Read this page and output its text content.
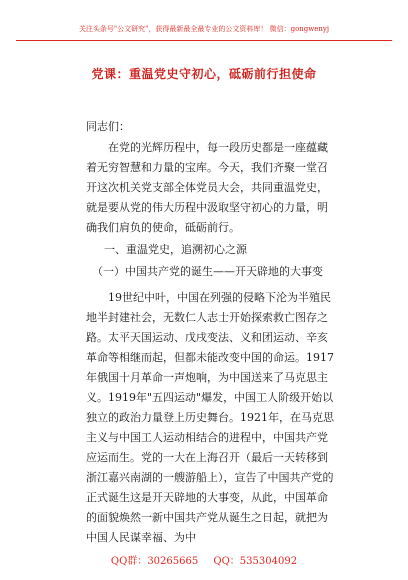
关注头条号"公文研究"，获得最新最全最专业的公文资料库！ 微信：gongwenyj
党课：重温党史守初心，砥砺前行担使命
同志们：
在党的光辉历程中，每一段历史都是一座蕴藏着无穷智慧和力量的宝库。今天，我们齐聚一堂召开这次机关党支部全体党员大会，共同重温党史，就是要从党的伟大历程中汲取坚守初心的力量，明确我们肩负的使命，砥砺前行。
一、重温党史，追溯初心之源
（一）中国共产党的诞生——开天辟地的大事变
19世纪中叶，中国在列强的侵略下沦为半殖民地半封建社会，无数仁人志士开始探索救亡图存之路。太平天国运动、戊戌变法、义和团运动、辛亥革命等相继而起，但都未能改变中国的命运。1917年俄国十月革命一声炮响，为中国送来了马克思主义。1919年"五四运动"爆发，中国工人阶级开始以独立的政治力量登上历史舞台。1921年，在马克思主义与中国工人运动相结合的进程中，中国共产党应运而生。党的一大在上海召开（最后一天转移到浙江嘉兴南湖的一艘游船上），宣告了中国共产党的正式诞生这是开天辟地的大事变，从此，中国革命的面貌焕然一新中国共产党从诞生之日起，就把为中国人民谋幸福、为中
QQ群：30265665 QQ：535304092
